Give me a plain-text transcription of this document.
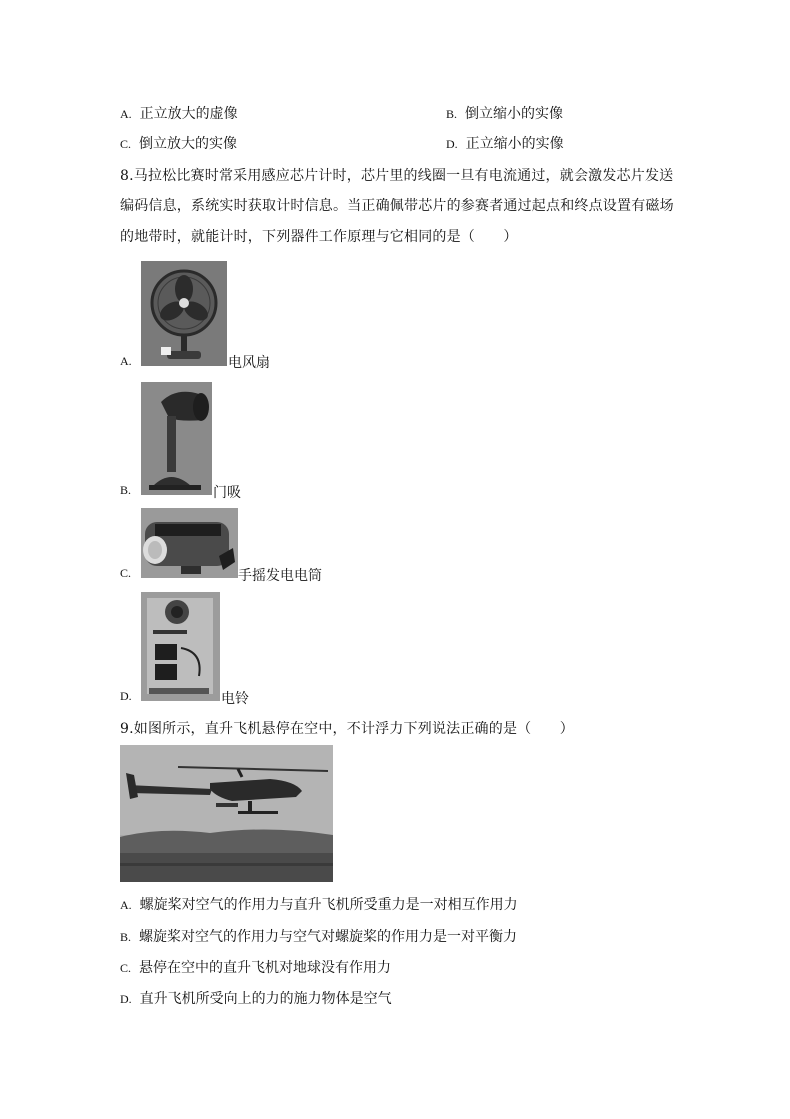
A. 正立放大的虚像	B. 倒立缩小的实像
C. 倒立放大的实像	D. 正立缩小的实像
8.马拉松比赛时常采用感应芯片计时，芯片里的线圈一旦有电流通过，就会激发芯片发送
编码信息，系统实时获取计时信息。当正确佩带芯片的参赛者通过起点和终点设置有磁场
的地带时，就能计时，下列器件工作原理与它相同的是（　　）
A.	电风扇
B.	门吸
C.	手摇发电电筒
D.	电铃
9.如图所示，直升飞机悬停在空中，不计浮力下列说法正确的是（　　）
A. 螺旋桨对空气的作用力与直升飞机所受重力是一对相互作用力
B. 螺旋桨对空气的作用力与空气对螺旋桨的作用力是一对平衡力
C. 悬停在空中的直升飞机对地球没有作用力
D. 直升飞机所受向上的力的施力物体是空气
